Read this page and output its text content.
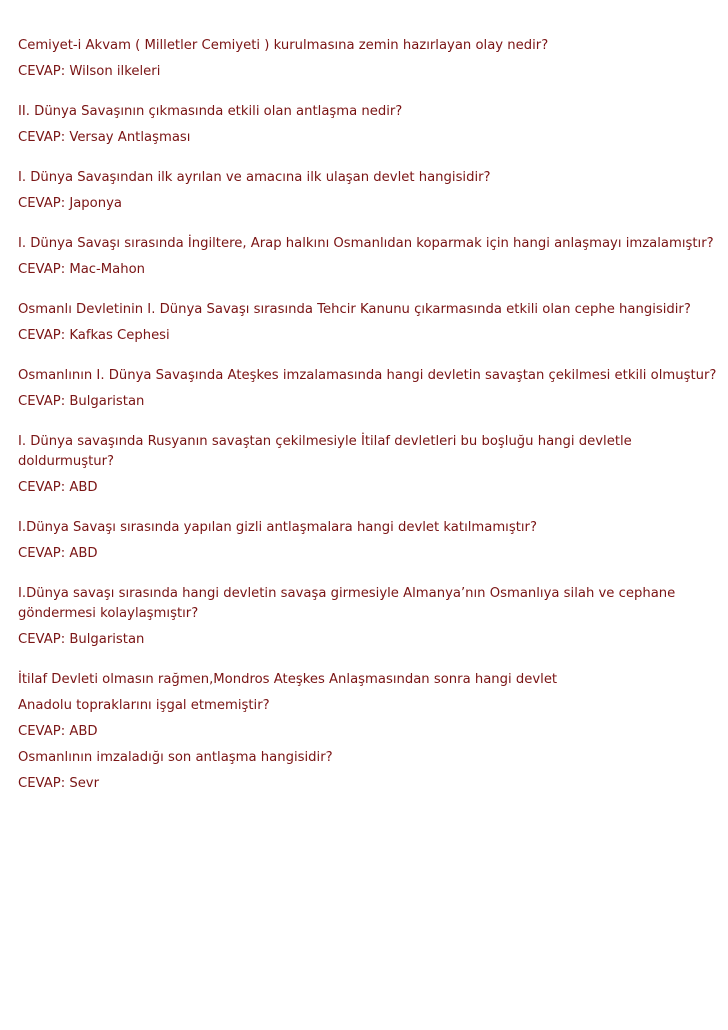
Cemiyet-i Akvam ( Milletler Cemiyeti ) kurulmasına zemin hazırlayan olay nedir?
CEVAP: Wilson ilkeleri
II. Dünya Savaşının çıkmasında etkili olan antlaşma nedir?
CEVAP: Versay Antlaşması
I. Dünya Savaşından ilk ayrılan ve amacına ilk ulaşan devlet hangisidir?
CEVAP: Japonya
I. Dünya Savaşı sırasında İngiltere, Arap halkını Osmanlıdan koparmak için hangi anlaşmayı imzalamıştır?
CEVAP: Mac-Mahon
Osmanlı Devletinin I. Dünya Savaşı sırasında Tehcir Kanunu çıkarmasında etkili olan cephe hangisidir?
CEVAP: Kafkas Cephesi
Osmanlının I. Dünya Savaşında Ateşkes imzalamasında hangi devletin savaştan çekilmesi etkili olmuştur?
CEVAP: Bulgaristan
I. Dünya savaşında Rusyanın savaştan çekilmesiyle İtilaf devletleri bu boşluğu hangi devletle doldurmuştur?
CEVAP: ABD
I.Dünya Savaşı sırasında yapılan gizli antlaşmalara hangi devlet katılmamıştır?
CEVAP: ABD
I.Dünya savaşı sırasında hangi devletin savaşa girmesiyle Almanya’nın Osmanlıya silah ve cephane göndermesi kolaylaşmıştır?
CEVAP: Bulgaristan
İtilaf Devleti olmasın rağmen,Mondros Ateşkes Anlaşmasından sonra hangi devlet
Anadolu topraklarını işgal etmemiştir?
CEVAP: ABD
Osmanlının imzaladığı son antlaşma hangisidir?
CEVAP: Sevr
